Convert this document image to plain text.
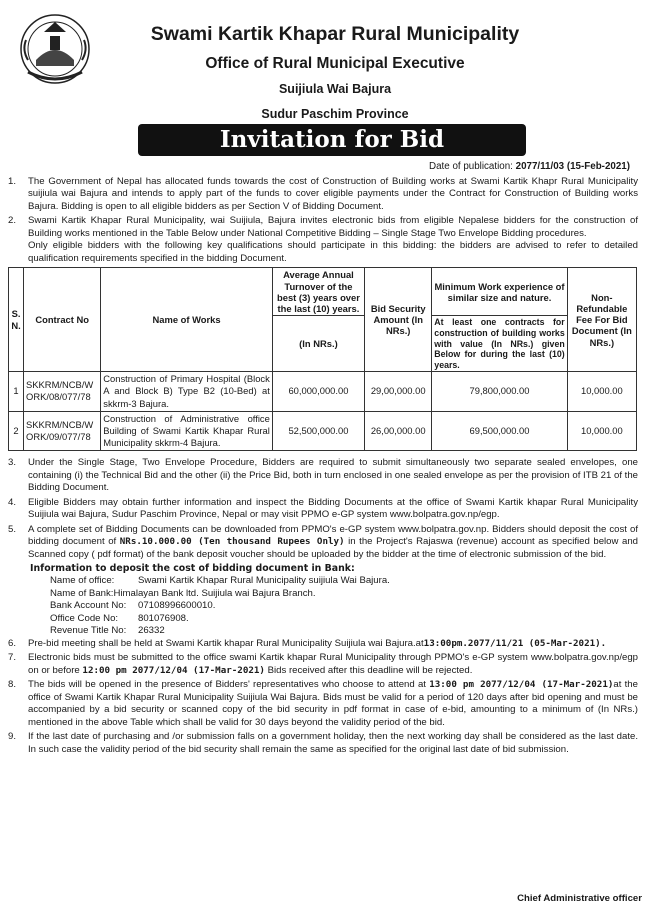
Swami Kartik Khapar Rural Municipality
Office of Rural Municipal Executive
Suijiula Wai Bajura
Sudur Paschim Province
Invitation for Bid
Date of publication: 2077/11/03 (15-Feb-2021)
1. The Government of Nepal has allocated funds towards the cost of Construction of Building works at Swami Kartik Khapr Rural Municipality suijiula wai Bajura and intends to apply part of the funds to cover eligible payments under the Contract for Construction of Building works Bajura. Bidding is open to all eligible bidders as per Section V of Bidding Document.
2. Swami Kartik Khapar Rural Municipality, wai Suijiula, Bajura invites electronic bids from eligible Nepalese bidders for the construction of Building works mentioned in the Table Below under National Competitive Bidding – Single Stage Two Envelope Bidding procedures.
Only eligible bidders with the following key qualifications should participate in this bidding: the bidders are advised to refer to detailed qualification requirements specified in the bidding Document.
S. N.	Contract No	Name of Works	Average Annual Turnover of the best (3) years over the last (10) years.	Bid Security Amount (In NRs.)	Minimum Work experience of similar size and nature.	Non-Refundable Fee For Bid Document (In NRs.)
			(In NRs.)		At least one contracts for construction of building works with value (In NRs.) given Below for during the last (10) years.	
1	SKKRM/NCB/WORK/08/077/78	Construction of Primary Hospital (Block A and Block B) Type B2 (10-Bed) at skkrm-3 Bajura.	60,000,000.00	29,00,000.00	79,800,000.00	10,000.00
2	SKKRM/NCB/WORK/09/077/78	Construction of Administrative office Building of Swami Kartik Khapar Rural Municipality skkrm-4 Bajura.	52,500,000.00	26,00,000.00	69,500,000.00	10,000.00
3. Under the Single Stage, Two Envelope Procedure, Bidders are required to submit simultaneously two separate sealed envelopes, one containing (i) the Technical Bid and the other (ii) the Price Bid, both in turn enclosed in one sealed envelope as per the provision of ITB 21 of the Bidding Document.
4. Eligible Bidders may obtain further information and inspect the Bidding Documents at the office of Swami Kartik khapar Rural Municipality Suijiula wai Bajura, Sudur Paschim Province, Nepal or may visit PPMO e-GP system www.bolpatra.gov.np/egp.
5. A complete set of Bidding Documents can be downloaded from PPMO's e-GP system www.bolpatra.gov.np. Bidders should deposit the cost of bidding document of NRs.10.000.00 (Ten thousand Rupees Only) in the Project's Rajaswa (revenue) account as specified below and Scanned copy ( pdf format) of the bank deposit voucher should be uploaded by the bidder at the time of electronic submission of the bid.
Information to deposit the cost of bidding document in Bank:
Name of office: Swami Kartik Khapar Rural Municipality suijiula Wai Bajura.
Name of Bank:Himalayan Bank ltd. Suijiula wai Bajura Branch.
Bank Account No: 07108996600010.
Office Code No: 801076908.
Revenue Title No: 26332
6. Pre-bid meeting shall be held at Swami Kartik khapar Rural Municipality Suijiula wai Bajura.at13:00pm.2077/11/21 (05-Mar-2021).
7. Electronic bids must be submitted to the office swami Kartik khapar Rural Municipality through PPMO's e-GP system www.bolpatra.gov.np/egp on or before 12:00 pm 2077/12/04 (17-Mar-2021) Bids received after this deadline will be rejected.
8. The bids will be opened in the presence of Bidders' representatives who choose to attend at 13:00 pm 2077/12/04 (17-Mar-2021)at the office of Swami Kartik Khapar Rural Municipality Suijiula Wai Bajura. Bids must be valid for a period of 120 days after bid opening and must be accompanied by a bid security or scanned copy of the bid security in pdf format in case of e-bid, amounting to a minimum of (In NRs.) mentioned in the above Table which shall be valid for 30 days beyond the validity period of the bid.
9. If the last date of purchasing and /or submission falls on a government holiday, then the next working day shall be considered as the last date. In such case the validity period of the bid security shall remain the same as specified for the original last date of bid submission.
Chief Administrative officer
